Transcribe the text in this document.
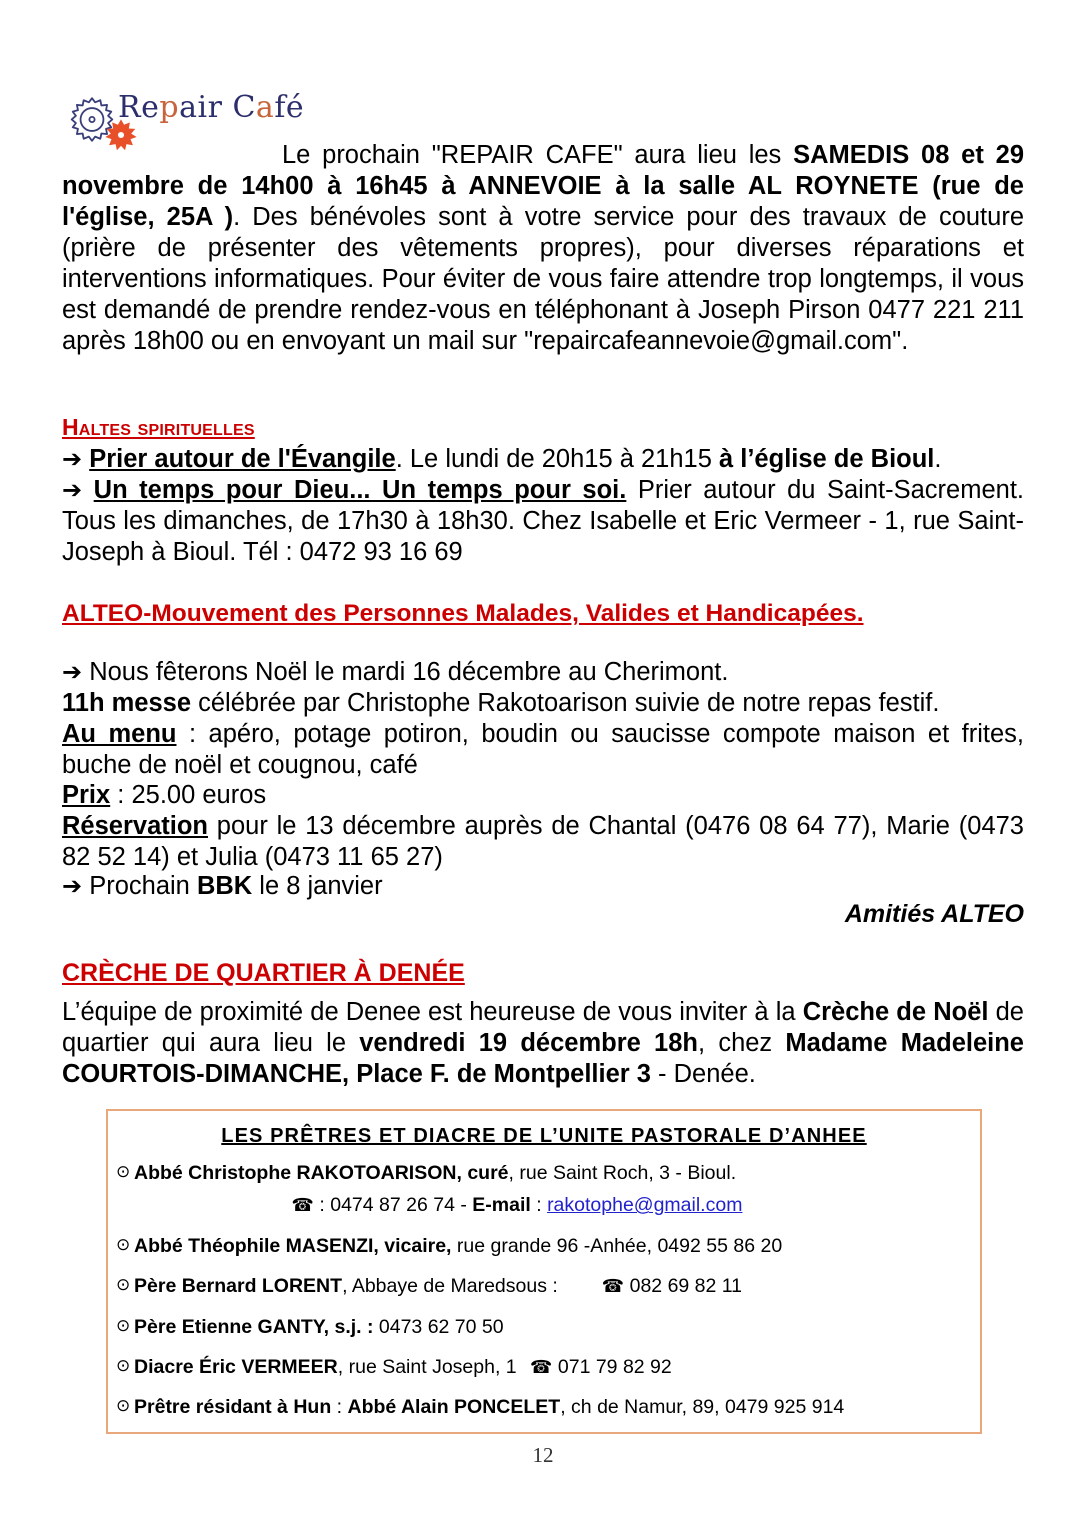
Repair Café
Le prochain "REPAIR CAFE" aura lieu les SAMEDIS 08 et 29 novembre de 14h00 à 16h45 à ANNEVOIE à la salle AL ROYNETE (rue de l'église, 25A ). Des bénévoles sont à votre service pour des travaux de couture (prière de présenter des vêtements propres), pour diverses réparations et interventions informatiques. Pour éviter de vous faire attendre trop longtemps, il vous est demandé de prendre rendez-vous en téléphonant à Joseph Pirson 0477 221 211 après 18h00 ou en envoyant un mail sur "repaircafeannevoie@gmail.com".
Haltes spirituelles
➔ Prier autour de l'Évangile. Le lundi de 20h15 à 21h15 à l’église de Bioul.
➔ Un temps pour Dieu... Un temps pour soi. Prier autour du Saint-Sacrement. Tous les dimanches, de 17h30 à 18h30. Chez Isabelle et Eric Vermeer - 1, rue Saint-Joseph à Bioul. Tél : 0472 93 16 69
ALTEO-Mouvement des Personnes Malades, Valides et Handicapées.
➔ Nous fêterons Noël le mardi 16 décembre au Cherimont.
11h messe célébrée par Christophe Rakotoarison suivie de notre repas festif.
Au menu : apéro, potage potiron, boudin ou saucisse compote maison et frites, buche de noël et cougnou, café
Prix : 25.00 euros
Réservation pour le 13 décembre auprès de Chantal (0476 08 64 77), Marie (0473 82 52 14) et Julia (0473 11 65 27)
➔ Prochain BBK le 8 janvier
Amitiés ALTEO
CRÈCHE DE QUARTIER À DENÉE
L’équipe de proximité de Denee est heureuse de vous inviter à la Crèche de Noël de quartier qui aura lieu le vendredi 19 décembre 18h, chez Madame Madeleine COURTOIS-DIMANCHE, Place F. de Montpellier 3 - Denée.
LES PRÊTRES ET DIACRE DE L’UNITE PASTORALE D’ANHEE
⊙ Abbé Christophe RAKOTOARISON, curé, rue Saint Roch, 3 - Bioul.
☎ : 0474 87 26 74 - E-mail : rakotophe@gmail.com
⊙ Abbé Théophile MASENZI, vicaire, rue grande 96 -Anhée, 0492 55 86 20
⊙ Père Bernard LORENT, Abbaye de Maredsous : ☎ 082 69 82 11
⊙ Père Etienne GANTY, s.j. : 0473 62 70 50
⊙ Diacre Éric VERMEER, rue Saint Joseph, 1 ☎ 071 79 82 92
⊙ Prêtre résidant à Hun : Abbé Alain PONCELET, ch de Namur, 89, 0479 925 914
12
